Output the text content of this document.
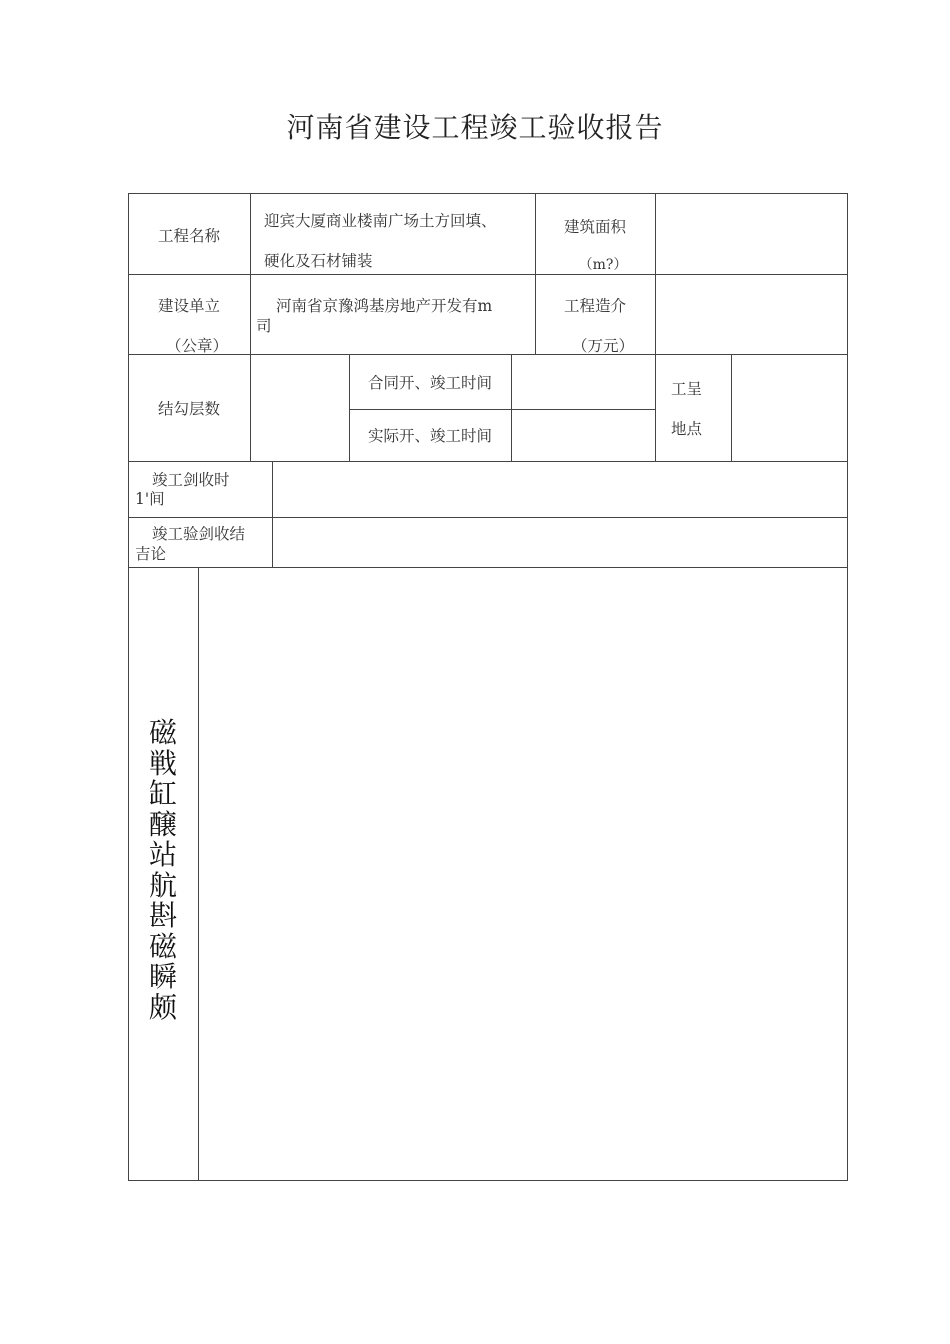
河南省建设工程竣工验收报告
工程名称
迎宾大厦商业楼南广场土方回填、
硬化及石材铺装
建筑面积
（m?）
建设单立
（公章）
河南省京豫鸿基房地产开发有m
司
工程造介
（万元）
结勾层数
合同开、竣工时间
实际开、竣工时间
工呈
地点
竣工剑收时
1'间
竣工验剑收结
吉论
磁
戦
缸
醸
站
航
斟
磁
瞬
颇
